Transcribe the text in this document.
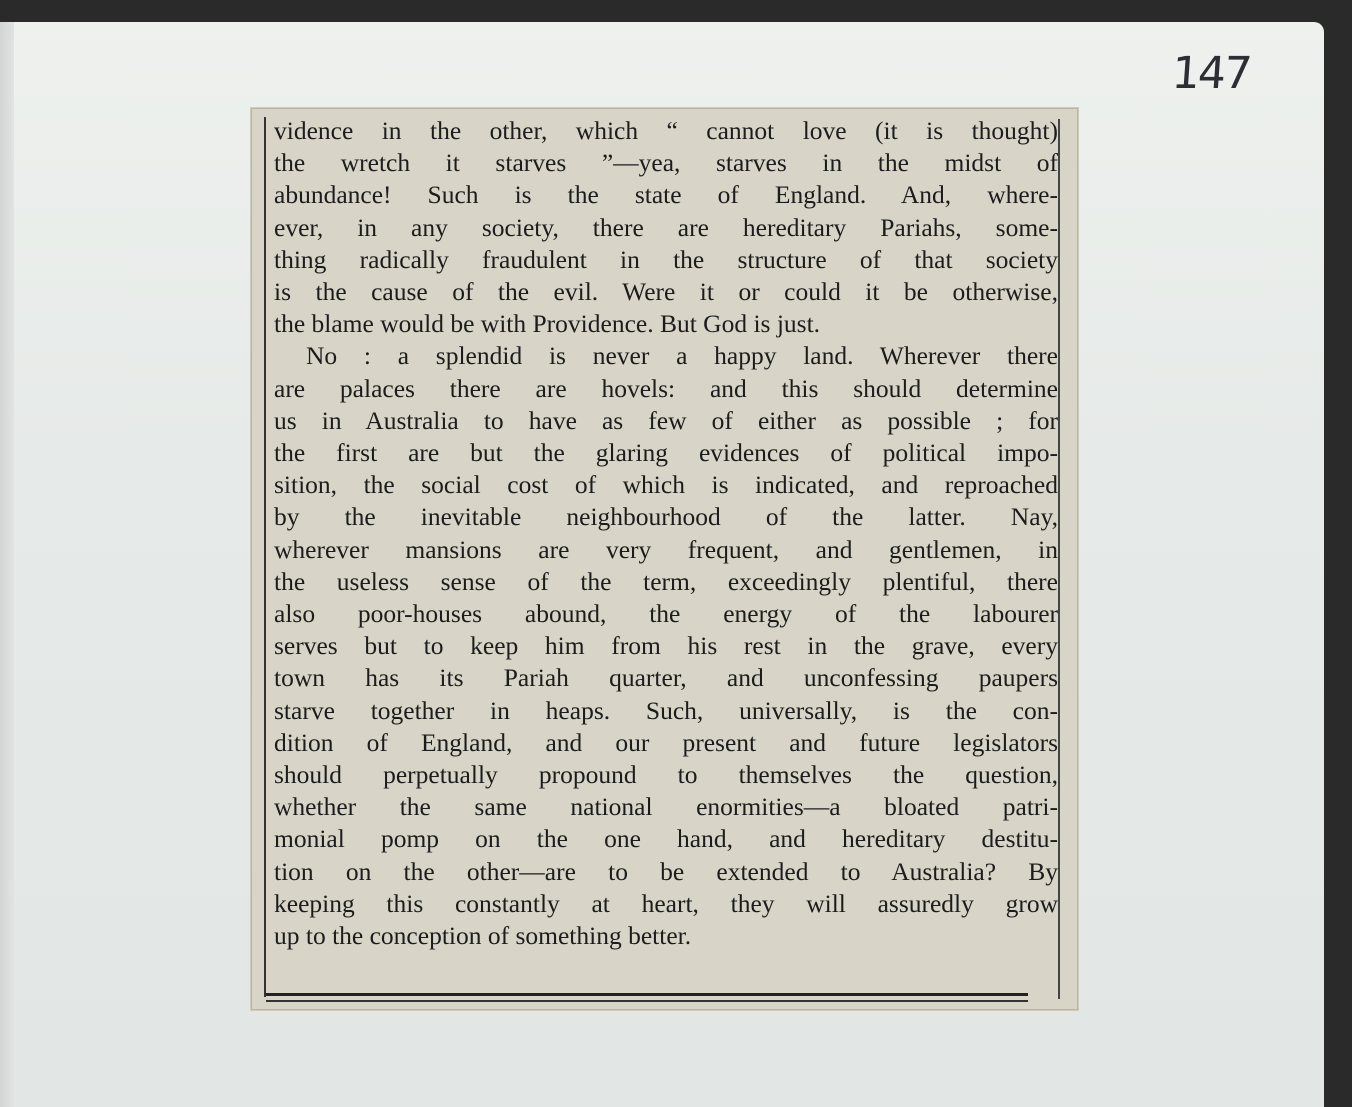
147
vidence in the other, which “ cannot love (it is thought)
the wretch it starves ”—yea, starves in the midst of
abundance! Such is the state of England. And, where-
ever, in any society, there are hereditary Pariahs, some-
thing radically fraudulent in the structure of that society
is the cause of the evil. Were it or could it be otherwise,
the blame would be with Providence. But God is just.
No : a splendid is never a happy land. Wherever there
are palaces there are hovels: and this should determine
us in Australia to have as few of either as possible ; for
the first are but the glaring evidences of political impo-
sition, the social cost of which is indicated, and reproached
by the inevitable neighbourhood of the latter. Nay,
wherever mansions are very frequent, and gentlemen, in
the useless sense of the term, exceedingly plentiful, there
also poor-houses abound, the energy of the labourer
serves but to keep him from his rest in the grave, every
town has its Pariah quarter, and unconfessing paupers
starve together in heaps. Such, universally, is the con-
dition of England, and our present and future legislators
should perpetually propound to themselves the question,
whether the same national enormities—a bloated patri-
monial pomp on the one hand, and hereditary destitu-
tion on the other—are to be extended to Australia? By
keeping this constantly at heart, they will assuredly grow
up to the conception of something better.
